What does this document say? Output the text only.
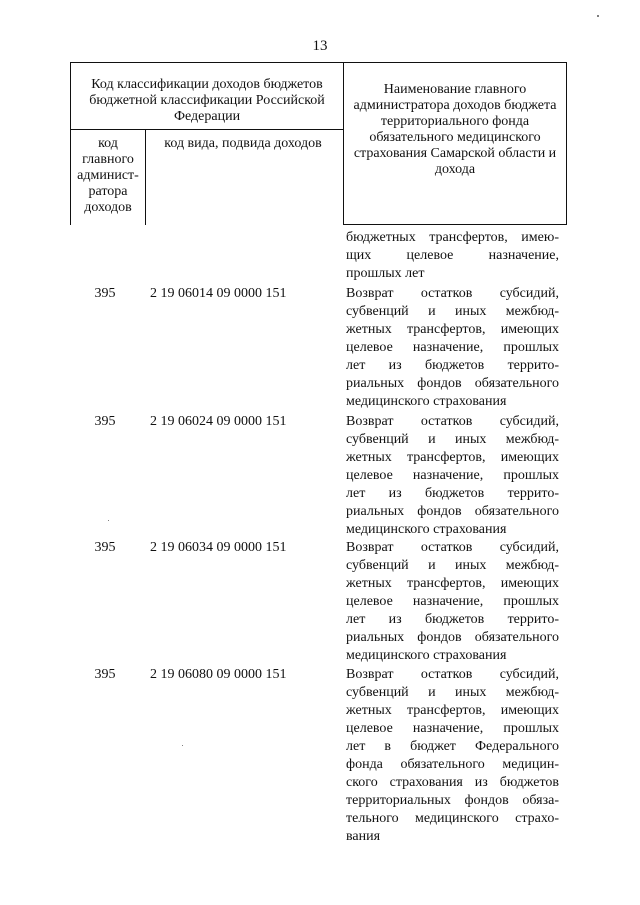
13
Код классификации доходов бюджетов бюджетной классификации Российской Федерации
код
главного
админист-
ратора
доходов
код вида, подвида доходов
Наименование главного администратора доходов бюджета территориального фонда обязательного медицинского страхования Самарской области и дохода
бюджетных трансфертов, имею-
щих целевое назначение,
прошлых лет
395	2 19 06014 09 0000 151	Возврат остатков субсидий,
субвенций и иных межбюд-
жетных трансфертов, имеющих
целевое назначение, прошлых
лет из бюджетов террито-
риальных фондов обязательного
медицинского страхования
395	2 19 06024 09 0000 151	Возврат остатков субсидий,
субвенций и иных межбюд-
жетных трансфертов, имеющих
целевое назначение, прошлых
лет из бюджетов террито-
риальных фондов обязательного
медицинского страхования
395	2 19 06034 09 0000 151	Возврат остатков субсидий,
субвенций и иных межбюд-
жетных трансфертов, имеющих
целевое назначение, прошлых
лет из бюджетов террито-
риальных фондов обязательного
медицинского страхования
395	2 19 06080 09 0000 151	Возврат остатков субсидий,
субвенций и иных межбюд-
жетных трансфертов, имеющих
целевое назначение, прошлых
лет в бюджет Федерального
фонда обязательного медицин-
ского страхования из бюджетов
территориальных фондов обяза-
тельного медицинского страхо-
вания
